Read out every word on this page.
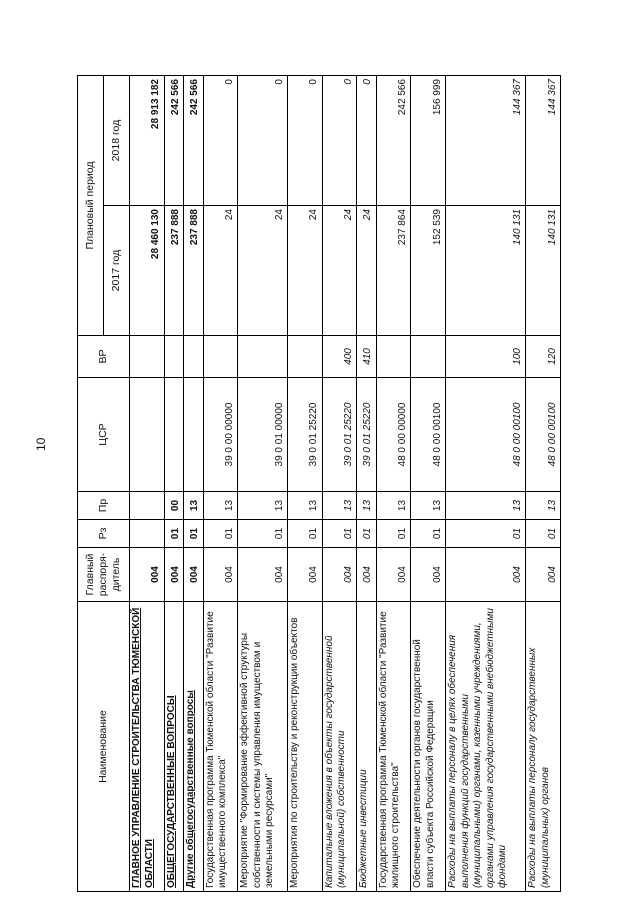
10
Наименование	Главный распоря-дитель	Рз	Пр	ЦСР	ВР	Плановый период	
						2017 год	2018 год
ГЛАВНОЕ УПРАВЛЕНИЕ СТРОИТЕЛЬСТВА ТЮМЕНСКОЙ ОБЛАСТИ	004					28 460 130	28 913 182
ОБЩЕГОСУДАРСТВЕННЫЕ ВОПРОСЫ	004	01	00			237 888	242 566
Другие общегосударственные вопросы	004	01	13			237 888	242 566
Государственная программа Тюменской области "Развитие имущественного комплекса"	004	01	13	39 0 00 00000		24	0
Мероприятие "Формирование эффективной структуры собственности и системы управления имуществом и земельными ресурсами"	004	01	13	39 0 01 00000		24	0
Мероприятия по строительству и реконструкции объектов	004	01	13	39 0 01 25220		24	0
Капитальные вложения в объекты государственной (муниципальной) собственности	004	01	13	39 0 01 25220	400	24	0
Бюджетные инвестиции	004	01	13	39 0 01 25220	410	24	0
Государственная программа Тюменской области "Развитие жилищного строительства"	004	01	13	48 0 00 00000		237 864	242 566
Обеспечение деятельности органов государственной власти субъекта Российской Федерации	004	01	13	48 0 00 00100		152 539	156 999
Расходы на выплаты персоналу в целях обеспечения выполнения функций государственными (муниципальными) органами, казенными учреждениями, органами управления государственными внебюджетными фондами	004	01	13	48 0 00 00100	100	140 131	144 367
Расходы на выплаты персоналу государственных (муниципальных) органов	004	01	13	48 0 00 00100	120	140 131	144 367
